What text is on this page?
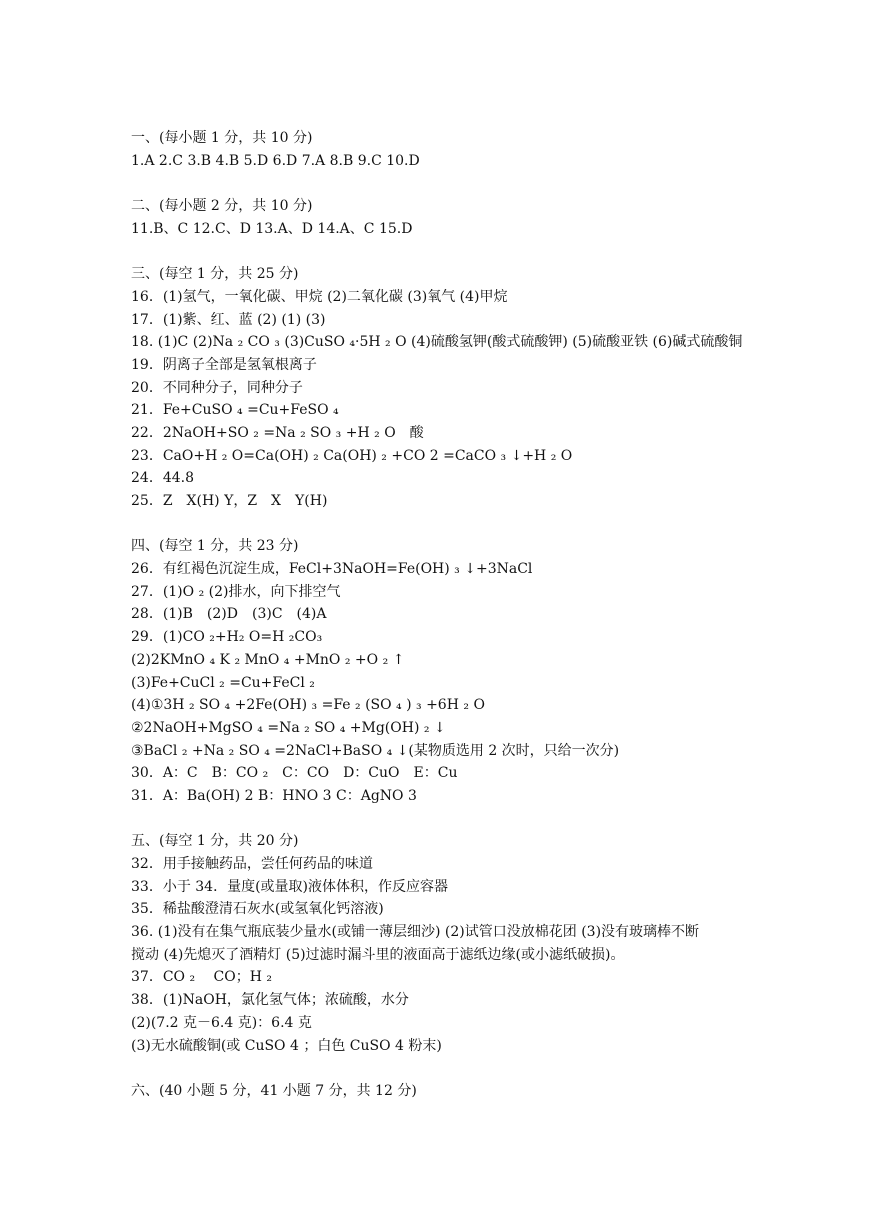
一、(每小题 1 分，共 10 分)
1.A 2.C 3.B 4.B 5.D 6.D 7.A 8.B 9.C 10.D
二、(每小题 2 分，共 10 分)
11.B、C 12.C、D 13.A、D 14.A、C 15.D
三、(每空 1 分，共 25 分)
16．(1)氢气，一氧化碳、甲烷 (2)二氧化碳 (3)氧气 (4)甲烷
17．(1)紫、红、蓝 (2) (1) (3)
18. (1)C (2)Na ₂ CO ₃ (3)CuSO ₄·5H ₂ O (4)硫酸氢钾(酸式硫酸钾) (5)硫酸亚铁 (6)碱式硫酸铜
19．阴离子全部是氢氧根离子
20．不同种分子，同种分子
21．Fe+CuSO ₄ =Cu+FeSO ₄
22．2NaOH+SO ₂ =Na ₂ SO ₃ +H ₂ O　酸
23．CaO+H ₂ O=Ca(OH) ₂ Ca(OH) ₂ +CO 2 =CaCO ₃ ↓+H ₂ O
24．44.8
25．Z　X(H) Y，Z　X　Y(H)
四、(每空 1 分，共 23 分)
26．有红褐色沉淀生成，FeCl+3NaOH=Fe(OH) ₃ ↓+3NaCl
27．(1)O ₂ (2)排水，向下排空气
28．(1)B　(2)D　(3)C　(4)A
29．(1)CO ₂+H₂ O=H ₂CO₃
(2)2KMnO ₄ K ₂ MnO ₄ +MnO ₂ +O ₂ ↑
(3)Fe+CuCl ₂ =Cu+FeCl ₂
(4)①3H ₂ SO ₄ +2Fe(OH) ₃ =Fe ₂ (SO ₄ ) ₃ +6H ₂ O
②2NaOH+MgSO ₄ =Na ₂ SO ₄ +Mg(OH) ₂ ↓
③BaCl ₂ +Na ₂ SO ₄ =2NaCl+BaSO ₄ ↓(某物质选用 2 次时，只给一次分)
30．A：C　B：CO ₂　C：CO　D：CuO　E：Cu
31．A：Ba(OH) 2 B：HNO 3 C：AgNO 3
五、(每空 1 分，共 20 分)
32．用手接触药品，尝任何药品的味道
33．小于 34．量度(或量取)液体体积，作反应容器
35．稀盐酸澄清石灰水(或氢氧化钙溶液)
36. (1)没有在集气瓶底装少量水(或铺一薄层细沙) (2)试管口没放棉花团 (3)没有玻璃棒不断
搅动 (4)先熄灭了酒精灯 (5)过滤时漏斗里的液面高于滤纸边缘(或小滤纸破损)。
37．CO ₂　 CO；H ₂
38．(1)NaOH，氯化氢气体；浓硫酸，水分
(2)(7.2 克－6.4 克)：6.4 克
(3)无水硫酸铜(或 CuSO 4 ；白色 CuSO 4 粉末)
六、(40 小题 5 分，41 小题 7 分，共 12 分)
